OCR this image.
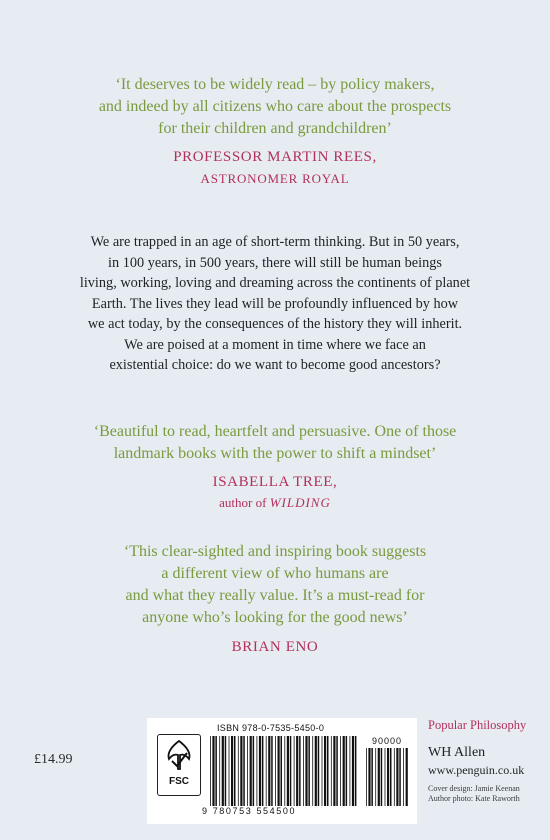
‘It deserves to be widely read – by policy makers,
and indeed by all citizens who care about the prospects
for their children and grandchildren’
PROFESSOR MARTIN REES,
ASTRONOMER ROYAL
We are trapped in an age of short-term thinking. But in 50 years,
in 100 years, in 500 years, there will still be human beings
living, working, loving and dreaming across the continents of planet
Earth. The lives they lead will be profoundly influenced by how
we act today, by the consequences of the history they will inherit.
We are poised at a moment in time where we face an
existential choice: do we want to become good ancestors?
‘Beautiful to read, heartfelt and persuasive. One of those
landmark books with the power to shift a mindset’
ISABELLA TREE,
author of WILDING
‘This clear-sighted and inspiring book suggests
a different view of who humans are
and what they really value. It’s a must-read for
anyone who’s looking for the good news’
BRIAN ENO
£14.99
FSC
ISBN 978-0-7535-5450-0
90000
9 780753 554500
Popular Philosophy
WH Allen
www.penguin.co.uk
Cover design: Jamie Keenan
Author photo: Kate Raworth
